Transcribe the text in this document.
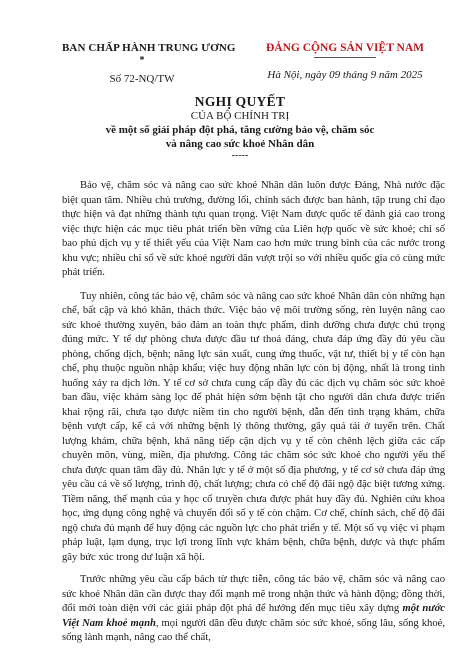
BAN CHẤP HÀNH TRUNG ƯƠNG
*
Số 72-NQ/TW
ĐẢNG CỘNG SẢN VIỆT NAM
Hà Nội, ngày 09 tháng 9 năm 2025
NGHỊ QUYẾT
CỦA BỘ CHÍNH TRỊ
về một số giải pháp đột phá, tăng cường bảo vệ, chăm sóc
và nâng cao sức khoẻ Nhân dân
-----

Bảo vệ, chăm sóc và nâng cao sức khoẻ Nhân dân luôn được Đảng, Nhà nước đặc biệt quan tâm. Nhiều chủ trương, đường lối, chính sách được ban hành, tập trung chỉ đạo thực hiện và đạt những thành tựu quan trọng. Việt Nam được quốc tế đánh giá cao trong việc thực hiện các mục tiêu phát triển bền vững của Liên hợp quốc về sức khoẻ; chỉ số bao phủ dịch vụ y tế thiết yếu của Việt Nam cao hơn mức trung bình của các nước trong khu vực; nhiều chỉ số về sức khoẻ người dân vượt trội so với nhiều quốc gia có cùng mức phát triển.

Tuy nhiên, công tác bảo vệ, chăm sóc và nâng cao sức khoẻ Nhân dân còn những hạn chế, bất cập và khó khăn, thách thức. Việc bảo vệ môi trường sống, rèn luyện nâng cao sức khoẻ thường xuyên, bảo đảm an toàn thực phẩm, dinh dưỡng chưa được chú trọng đúng mức. Y tế dự phòng chưa được đầu tư thoả đáng, chưa đáp ứng đầy đủ yêu cầu phòng, chống dịch, bệnh; năng lực sản xuất, cung ứng thuốc, vật tư, thiết bị y tế còn hạn chế, phụ thuộc nguồn nhập khẩu; việc huy động nhân lực còn bị động, nhất là trong tình huống xảy ra dịch lớn. Y tế cơ sở chưa cung cấp đầy đủ các dịch vụ chăm sóc sức khoẻ ban đầu, việc khám sàng lọc để phát hiện sớm bệnh tật cho người dân chưa được triển khai rộng rãi, chưa tạo được niềm tin cho người bệnh, dẫn đến tình trạng khám, chữa bệnh vượt cấp, kể cả với những bệnh lý thông thường, gây quá tải ở tuyến trên. Chất lượng khám, chữa bệnh, khả năng tiếp cận dịch vụ y tế còn chênh lệch giữa các cấp chuyên môn, vùng, miền, địa phương. Công tác chăm sóc sức khoẻ cho người yếu thế chưa được quan tâm đầy đủ. Nhân lực y tế ở một số địa phương, y tế cơ sở chưa đáp ứng yêu cầu cả về số lượng, trình độ, chất lượng; chưa có chế độ đãi ngộ đặc biệt tương xứng. Tiềm năng, thế mạnh của y học cổ truyền chưa được phát huy đầy đủ. Nghiên cứu khoa học, ứng dụng công nghệ và chuyển đổi số y tế còn chậm. Cơ chế, chính sách, chế độ đãi ngộ chưa đủ mạnh để huy động các nguồn lực cho phát triển y tế. Một số vụ việc vi phạm pháp luật, lạm dụng, trục lợi trong lĩnh vực khám bệnh, chữa bệnh, dược và thực phẩm gây bức xúc trong dư luận xã hội.

Trước những yêu cầu cấp bách từ thực tiễn, công tác bảo vệ, chăm sóc và nâng cao sức khoẻ Nhân dân cần được thay đổi mạnh mẽ trong nhận thức và hành động; đồng thời, đổi mới toàn diện với các giải pháp đột phá để hướng đến mục tiêu xây dựng một nước Việt Nam khoẻ mạnh, mọi người dân đều được chăm sóc sức khoẻ, sống lâu, sống khoẻ, sống lành mạnh, nâng cao thể chất,
